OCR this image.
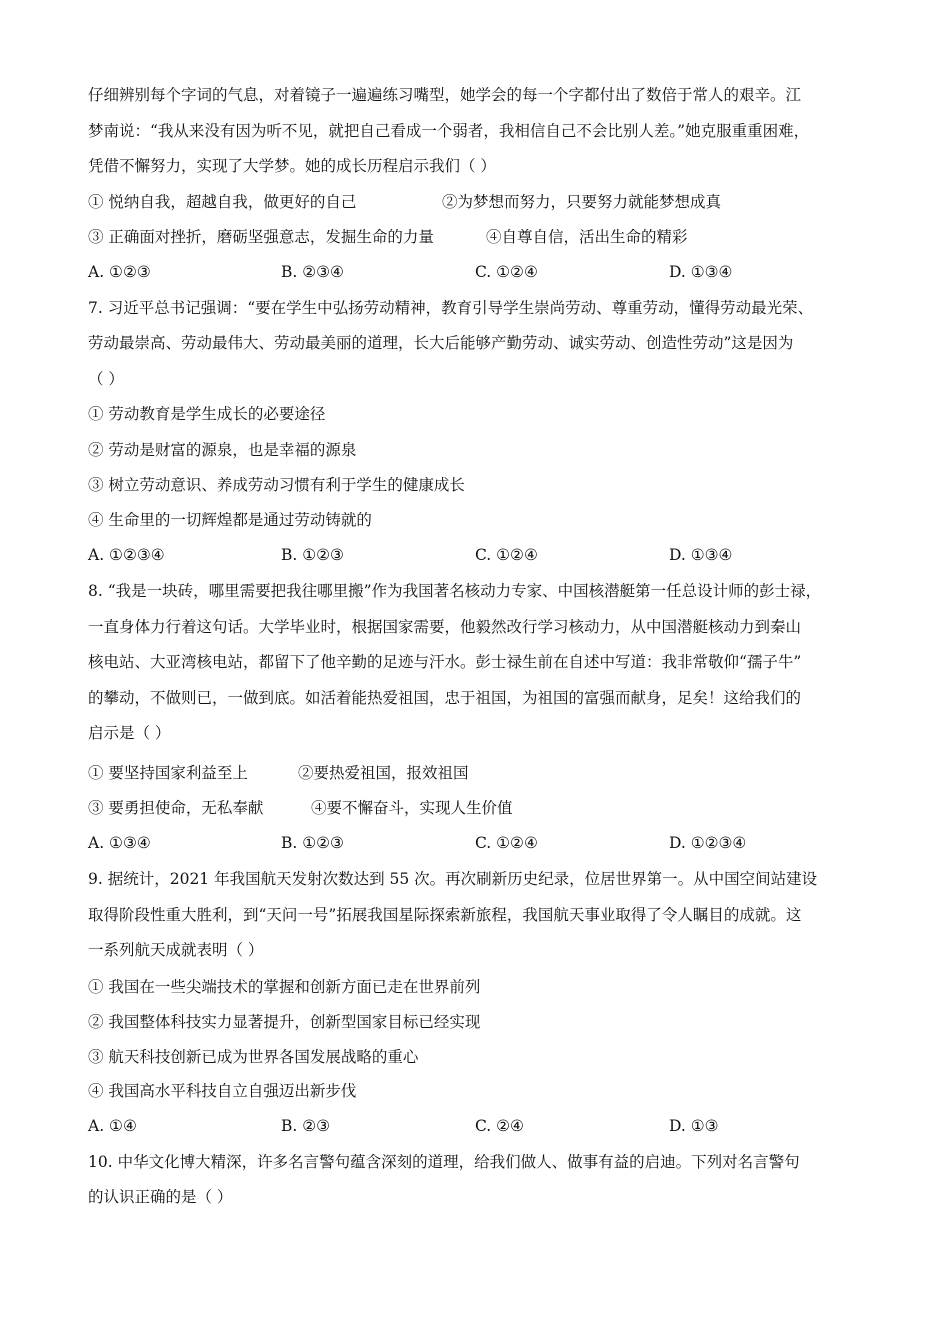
仔细辨别每个字词的气息，对着镜子一遍遍练习嘴型，她学会的每一个字都付出了数倍于常人的艰辛。江
梦南说：“我从来没有因为听不见，就把自己看成一个弱者，我相信自己不会比别人差。”她克服重重困难，
凭借不懈努力，实现了大学梦。她的成长历程启示我们（ ）
① 悦纳自我，超越自我，做更好的自己	②为梦想而努力，只要努力就能梦想成真
③ 正确面对挫折，磨砺坚强意志，发掘生命的力量	④自尊自信，活出生命的精彩
A. ①②③	B. ②③④	C. ①②④	D. ①③④
7. 习近平总书记强调：“要在学生中弘扬劳动精神，教育引导学生崇尚劳动、尊重劳动，懂得劳动最光荣、
劳动最崇高、劳动最伟大、劳动最美丽的道理，长大后能够产勤劳动、诚实劳动、创造性劳动”这是因为
（ ）
① 劳动教育是学生成长的必要途径
② 劳动是财富的源泉，也是幸福的源泉
③ 树立劳动意识、养成劳动习惯有利于学生的健康成长
④ 生命里的一切辉煌都是通过劳动铸就的
A. ①②③④	B. ①②③	C. ①②④	D. ①③④
8. “我是一块砖，哪里需要把我往哪里搬”作为我国著名核动力专家、中国核潜艇第一任总设计师的彭士禄，
一直身体力行着这句话。大学毕业时，根据国家需要，他毅然改行学习核动力，从中国潜艇核动力到秦山
核电站、大亚湾核电站，都留下了他辛勤的足迹与汗水。彭士禄生前在自述中写道：我非常敬仰“孺子牛”
的攀动，不做则已，一做到底。如活着能热爱祖国，忠于祖国，为祖国的富强而献身，足矣！这给我们的
启示是（ ）
① 要坚持国家利益至上	②要热爱祖国，报效祖国
③ 要勇担使命，无私奉献	④要不懈奋斗，实现人生价值
A. ①③④	B. ①②③	C. ①②④	D. ①②③④
9. 据统计，2021 年我国航天发射次数达到 55 次。再次刷新历史纪录，位居世界第一。从中国空间站建设
取得阶段性重大胜利，到“天问一号”拓展我国星际探索新旅程，我国航天事业取得了令人瞩目的成就。这
一系列航天成就表明（ ）
① 我国在一些尖端技术的掌握和创新方面已走在世界前列
② 我国整体科技实力显著提升，创新型国家目标已经实现
③ 航天科技创新已成为世界各国发展战略的重心
④ 我国高水平科技自立自强迈出新步伐
A. ①④	B. ②③	C. ②④	D. ①③
10. 中华文化博大精深，许多名言警句蕴含深刻的道理，给我们做人、做事有益的启迪。下列对名言警句
的认识正确的是（ ）
